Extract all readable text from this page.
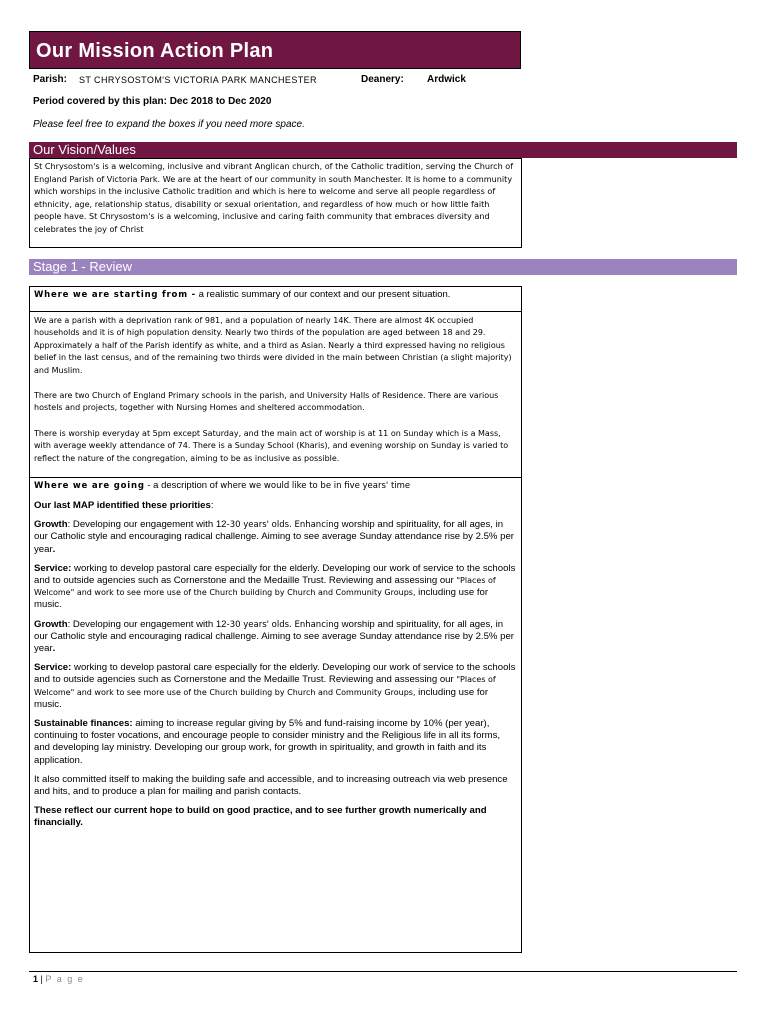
Our Mission Action Plan
Parish: ST CHRYSOSTOM'S VICTORIA PARK MANCHESTER	Deanery: Ardwick
Period covered by this plan: Dec 2018 to Dec 2020
Please feel free to expand the boxes if you need more space.
Our Vision/Values
St Chrysostom's is a welcoming, inclusive and vibrant Anglican church, of the Catholic tradition, serving the Church of England Parish of Victoria Park. We are at the heart of our community in south Manchester. It is home to a community which worships in the inclusive Catholic tradition and which is here to welcome and serve all people regardless of ethnicity, age, relationship status, disability or sexual orientation, and regardless of how much or how little faith people have. St Chrysostom's is a welcoming, inclusive and caring faith community that embraces diversity and celebrates the joy of Christ
Stage 1 - Review
Where we are starting from - a realistic summary of our context and our present situation.

We are a parish with a deprivation rank of 981, and a population of nearly 14K. There are almost 4K occupied households and it is of high population density. Nearly two thirds of the population are aged between 18 and 29. Approximately a half of the Parish identify as white, and a third as Asian. Nearly a third expressed having no religious belief in the last census, and of the remaining two thirds were divided in the main between Christian (a slight majority) and Muslim.

There are two Church of England Primary schools in the parish, and University Halls of Residence. There are various hostels and projects, together with Nursing Homes and sheltered accommodation.

There is worship everyday at 5pm except Saturday, and the main act of worship is at 11 on Sunday which is a Mass, with average weekly attendance of 74. There is a Sunday School (Kharis), and evening worship on Sunday is varied to reflect the nature of the congregation, aiming to be as inclusive as possible.

Where we are going - a description of where we would like to be in five years' time

Our last MAP identified these priorities:

Growth: Developing our engagement with 12-30 years' olds. Enhancing worship and spirituality, for all ages, in our Catholic style and encouraging radical challenge. Aiming to see average Sunday attendance rise by 2.5% per year.

Service: working to develop pastoral care especially for the elderly. Developing our work of service to the schools and to outside agencies such as Cornerstone and the Medaille Trust. Reviewing and assessing our "Places of Welcome" and work to see more use of the Church building by Church and Community Groups, including use for music.

Growth: Developing our engagement with 12-30 years' olds. Enhancing worship and spirituality, for all ages, in our Catholic style and encouraging radical challenge. Aiming to see average Sunday attendance rise by 2.5% per year.

Service: working to develop pastoral care especially for the elderly. Developing our work of service to the schools and to outside agencies such as Cornerstone and the Medaille Trust. Reviewing and assessing our "Places of Welcome" and work to see more use of the Church building by Church and Community Groups, including use for music.

Sustainable finances: aiming to increase regular giving by 5% and fund-raising income by 10% (per year), continuing to foster vocations, and encourage people to consider ministry and the Religious life in all its forms, and developing lay ministry. Developing our group work, for growth in spirituality, and growth in faith and its application.

It also committed itself to making the building safe and accessible, and to increasing outreach via web presence and hits, and to produce a plan for mailing and parish contacts.

These reflect our current hope to build on good practice, and to see further growth numerically and financially.

1 | P a g e
